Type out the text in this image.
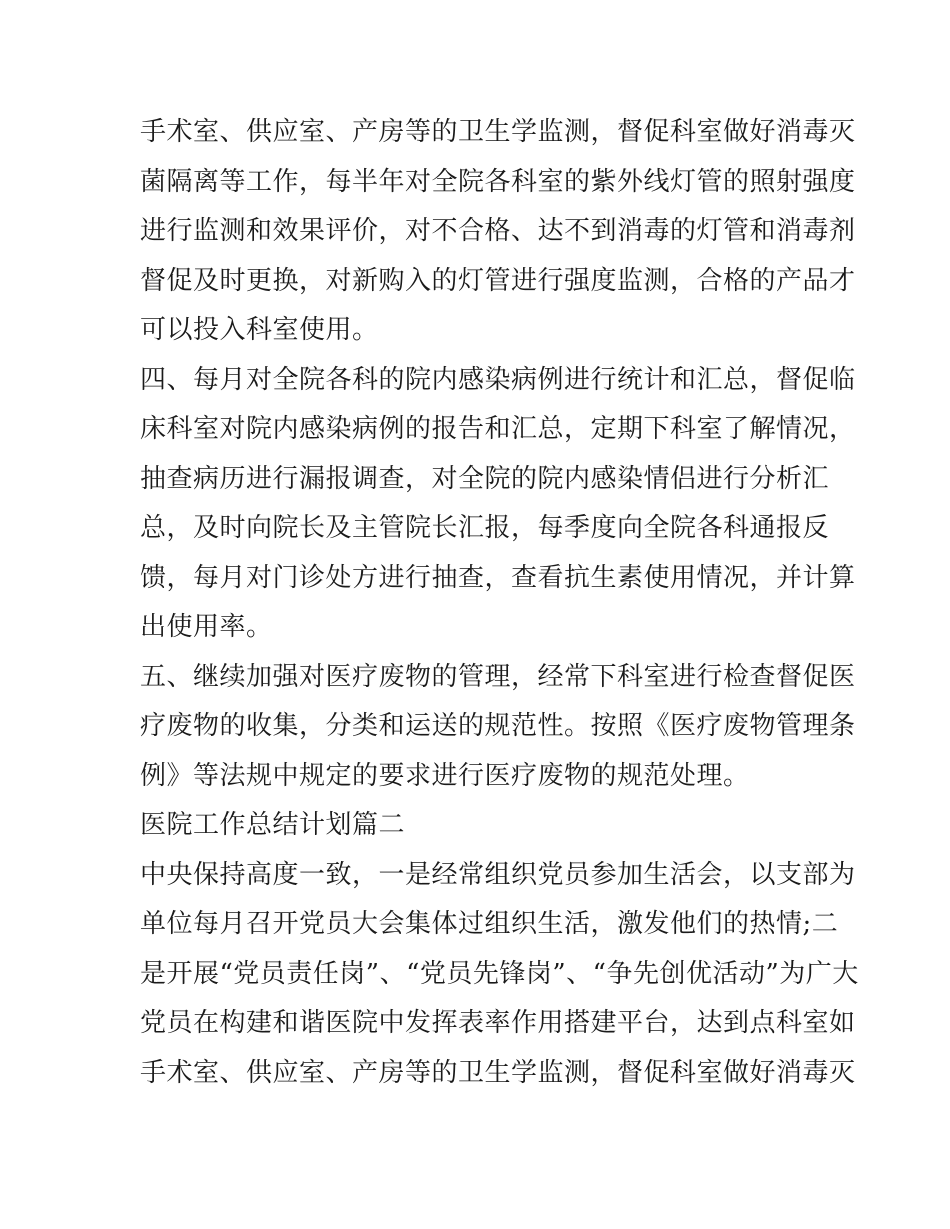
手术室、供应室、产房等的卫生学监测，督促科室做好消毒灭
菌隔离等工作，每半年对全院各科室的紫外线灯管的照射强度
进行监测和效果评价，对不合格、达不到消毒的灯管和消毒剂
督促及时更换，对新购入的灯管进行强度监测，合格的产品才
可以投入科室使用。
四、每月对全院各科的院内感染病例进行统计和汇总，督促临
床科室对院内感染病例的报告和汇总，定期下科室了解情况，
抽查病历进行漏报调查，对全院的院内感染情侣进行分析汇
总，及时向院长及主管院长汇报，每季度向全院各科通报反
馈，每月对门诊处方进行抽查，查看抗生素使用情况，并计算
出使用率。
五、继续加强对医疗废物的管理，经常下科室进行检查督促医
疗废物的收集，分类和运送的规范性。按照《医疗废物管理条
例》等法规中规定的要求进行医疗废物的规范处理。
医院工作总结计划篇二
中央保持高度一致，一是经常组织党员参加生活会，以支部为
单位每月召开党员大会集体过组织生活，激发他们的热情;二
是开展“党员责任岗”、“党员先锋岗”、“争先创优活动”为广大
党员在构建和谐医院中发挥表率作用搭建平台，达到点科室如
手术室、供应室、产房等的卫生学监测，督促科室做好消毒灭
